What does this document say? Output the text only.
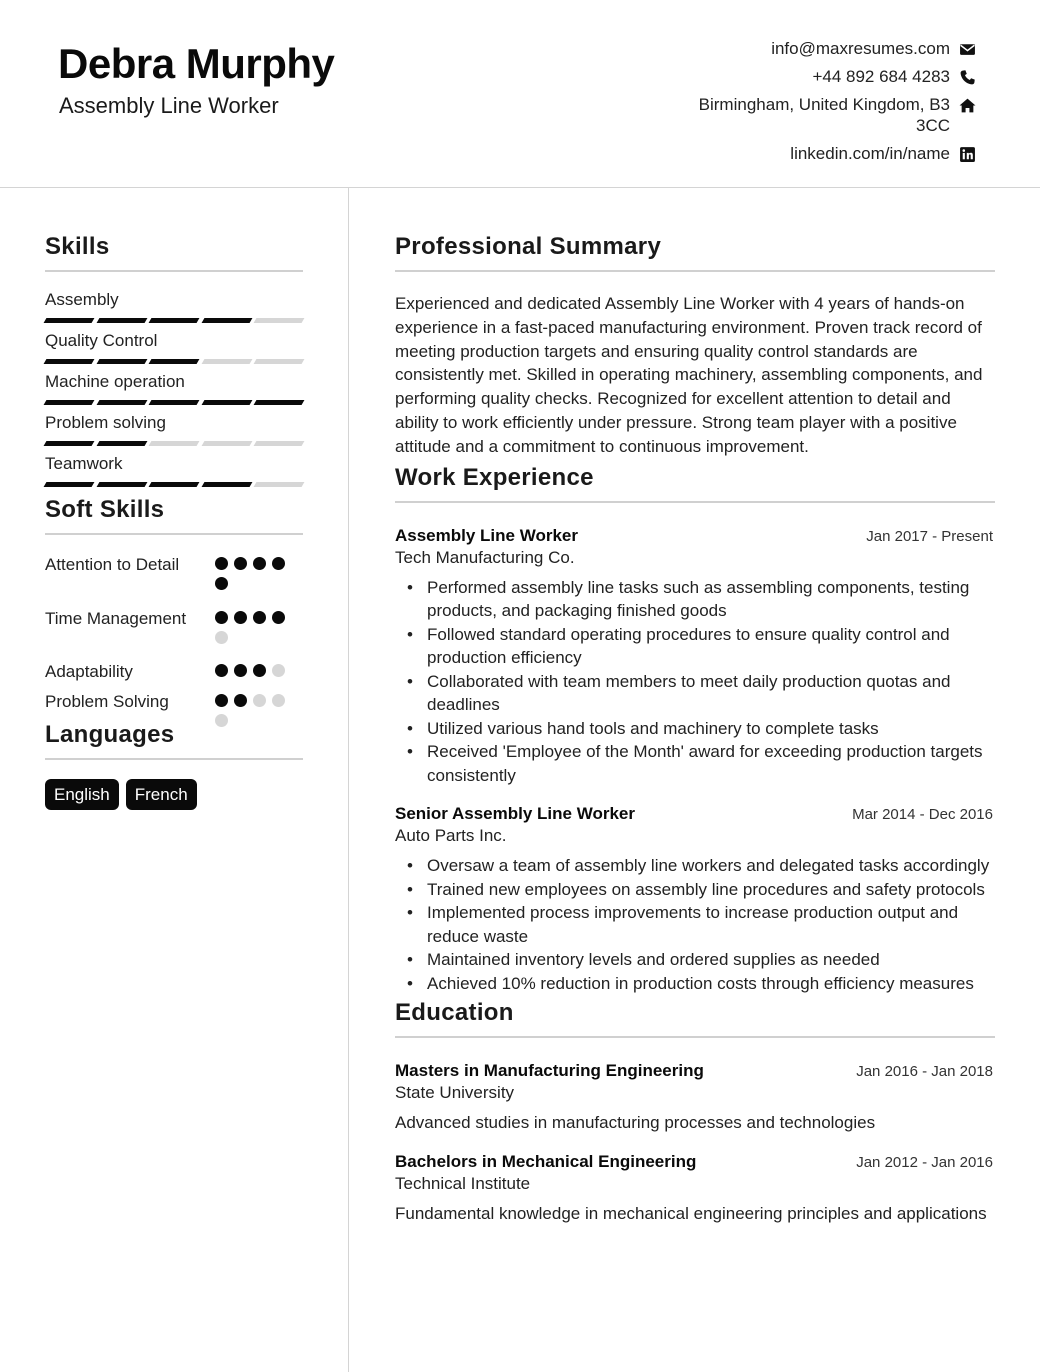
Debra Murphy
Assembly Line Worker
info@maxresumes.com
+44 892 684 4283
Birmingham, United Kingdom, B3 3CC
linkedin.com/in/name
Skills
Assembly
Quality Control
Machine operation
Problem solving
Teamwork
Soft Skills
Attention to Detail
Time Management
Adaptability
Problem Solving
Languages
English	French
Professional Summary
Experienced and dedicated Assembly Line Worker with 4 years of hands-on experience in a fast-paced manufacturing environment. Proven track record of meeting production targets and ensuring quality control standards are consistently met. Skilled in operating machinery, assembling components, and performing quality checks. Recognized for excellent attention to detail and ability to work efficiently under pressure. Strong team player with a positive attitude and a commitment to continuous improvement.
Work Experience
Assembly Line Worker	Jan 2017 - Present
Tech Manufacturing Co.
• Performed assembly line tasks such as assembling components, testing products, and packaging finished goods
• Followed standard operating procedures to ensure quality control and production efficiency
• Collaborated with team members to meet daily production quotas and deadlines
• Utilized various hand tools and machinery to complete tasks
• Received 'Employee of the Month' award for exceeding production targets consistently
Senior Assembly Line Worker	Mar 2014 - Dec 2016
Auto Parts Inc.
• Oversaw a team of assembly line workers and delegated tasks accordingly
• Trained new employees on assembly line procedures and safety protocols
• Implemented process improvements to increase production output and reduce waste
• Maintained inventory levels and ordered supplies as needed
• Achieved 10% reduction in production costs through efficiency measures
Education
Masters in Manufacturing Engineering	Jan 2016 - Jan 2018
State University
Advanced studies in manufacturing processes and technologies
Bachelors in Mechanical Engineering	Jan 2012 - Jan 2016
Technical Institute
Fundamental knowledge in mechanical engineering principles and applications
